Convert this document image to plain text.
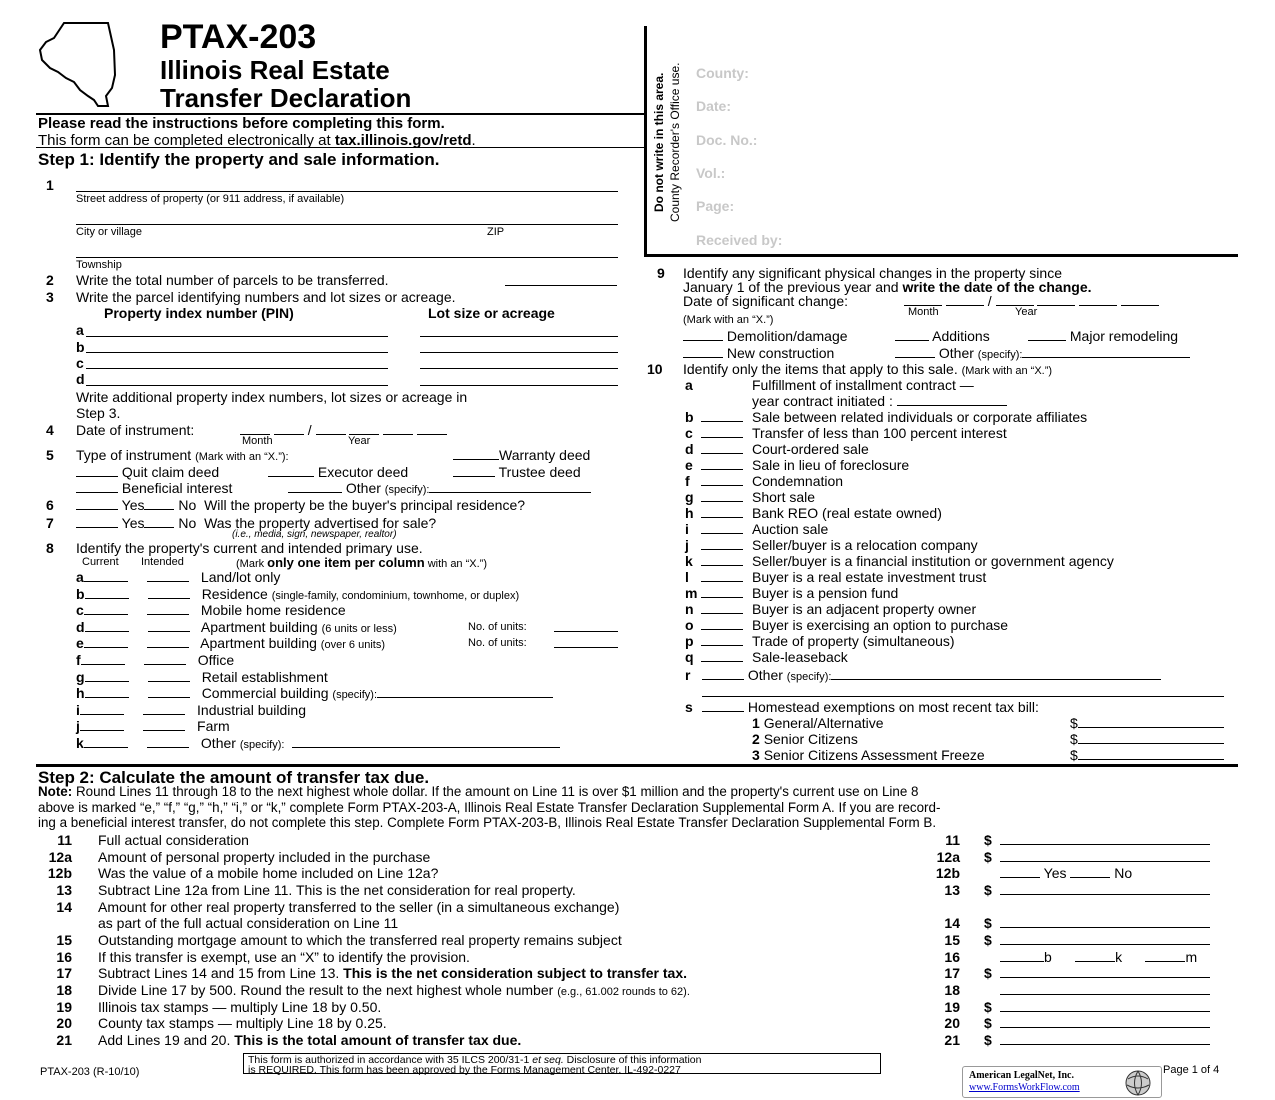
PTAX-203
Illinois Real Estate
Transfer Declaration
Please read the instructions before completing this form.
This form can be completed electronically at tax.illinois.gov/retd.
Step 1: Identify the property and sale information.	Do not write in this area. County Recorder's Office use. County:
Date:
Doc. No.:
Vol.:
Page:
Received by:
1
Street address of property (or 911 address, if available)
City or village	ZIP
Township
2 Write the total number of parcels to be transferred.
3 Write the parcel identifying numbers and lot sizes or acreage.
Property index number (PIN)	Lot size or acreage
a
b
c
d
Write additional property index numbers, lot sizes or acreage in
Step 3.
4 Date of instrument:	/
Month	Year
5 Type of instrument (Mark with an “X.”):	Warranty deed
Quit claim deed	Executor deed	Trustee deed
Beneficial interest	Other (specify):
6	Yes No Will the property be the buyer's principal residence?
7	Yes No Was the property advertised for sale?
(i.e., media, sign, newspaper, realtor)
8 Identify the property's current and intended primary use.
Current Intended	(Mark only one item per column with an “X.”)
a	Land/lot only
b	Residence (single-family, condominium, townhome, or duplex)
c	Mobile home residence
d	Apartment building (6 units or less)	No. of units:
e	Apartment building (over 6 units)	No. of units:
f	Office
g	Retail establishment
h	Commercial building (specify):
i	Industrial building
j	Farm
k	Other (specify):
9 Identify any significant physical changes in the property since
January 1 of the previous year and write the date of the change.
Date of significant change:	/
Month	Year
(Mark with an “X.”)
Demolition/damage	Additions	Major remodeling
New construction	Other (specify):
10 Identify only the items that apply to this sale. (Mark with an “X.”)
a	Fulfillment of installment contract —
year contract initiated :
b	Sale between related individuals or corporate affiliates
c	Transfer of less than 100 percent interest
d	Court-ordered sale
e	Sale in lieu of foreclosure
f	Condemnation
g	Short sale
h	Bank REO (real estate owned)
i	Auction sale
j	Seller/buyer is a relocation company
k	Seller/buyer is a financial institution or government agency
l	Buyer is a real estate investment trust
m	Buyer is a pension fund
n	Buyer is an adjacent property owner
o	Buyer is exercising an option to purchase
p	Trade of property (simultaneous)
q	Sale-leaseback
r	Other (specify):
s	Homestead exemptions on most recent tax bill:
1 General/Alternative
2 Senior Citizens
3 Senior Citizens Assessment Freeze
$
$
$
Step 2: Calculate the amount of transfer tax due.
Note: Round Lines 11 through 18 to the next highest whole dollar. If the amount on Line 11 is over $1 million and the property's current use on Line 8
above is marked “e,” “f,” “g,” “h,” “i,” or “k,” complete Form PTAX-203-A, Illinois Real Estate Transfer Declaration Supplemental Form A. If you are record-
ing a beneficial interest transfer, do not complete this step. Complete Form PTAX-203-B, Illinois Real Estate Transfer Declaration Supplemental Form B.
11 Full actual consideration	11 $
12a Amount of personal property included in the purchase	12a $
12b Was the value of a mobile home included on Line 12a?	12b	Yes	No
13 Subtract Line 12a from Line 11. This is the net consideration for real property.	13 $
14 Amount for other real property transferred to the seller (in a simultaneous exchange)
as part of the full actual consideration on Line 11	14 $
15 Outstanding mortgage amount to which the transferred real property remains subject	15 $
16 If this transfer is exempt, use an “X” to identify the provision.	16	b	k	m
17 Subtract Lines 14 and 15 from Line 13. This is the net consideration subject to transfer tax.	17 $
18 Divide Line 17 by 500. Round the result to the next highest whole number (e.g., 61.002 rounds to 62).	18
19 Illinois tax stamps — multiply Line 18 by 0.50.	19 $
20 County tax stamps — multiply Line 18 by 0.25.	20 $
21 Add Lines 19 and 20. This is the total amount of transfer tax due.	21 $
PTAX-203 (R-10/10)
This form is authorized in accordance with 35 ILCS 200/31-1 et seq. Disclosure of this information
is REQUIRED. This form has been approved by the Forms Management Center. IL-492-0227	American LegalNet, Inc.
www.FormsWorkFlow.com
Page 1 of 4
